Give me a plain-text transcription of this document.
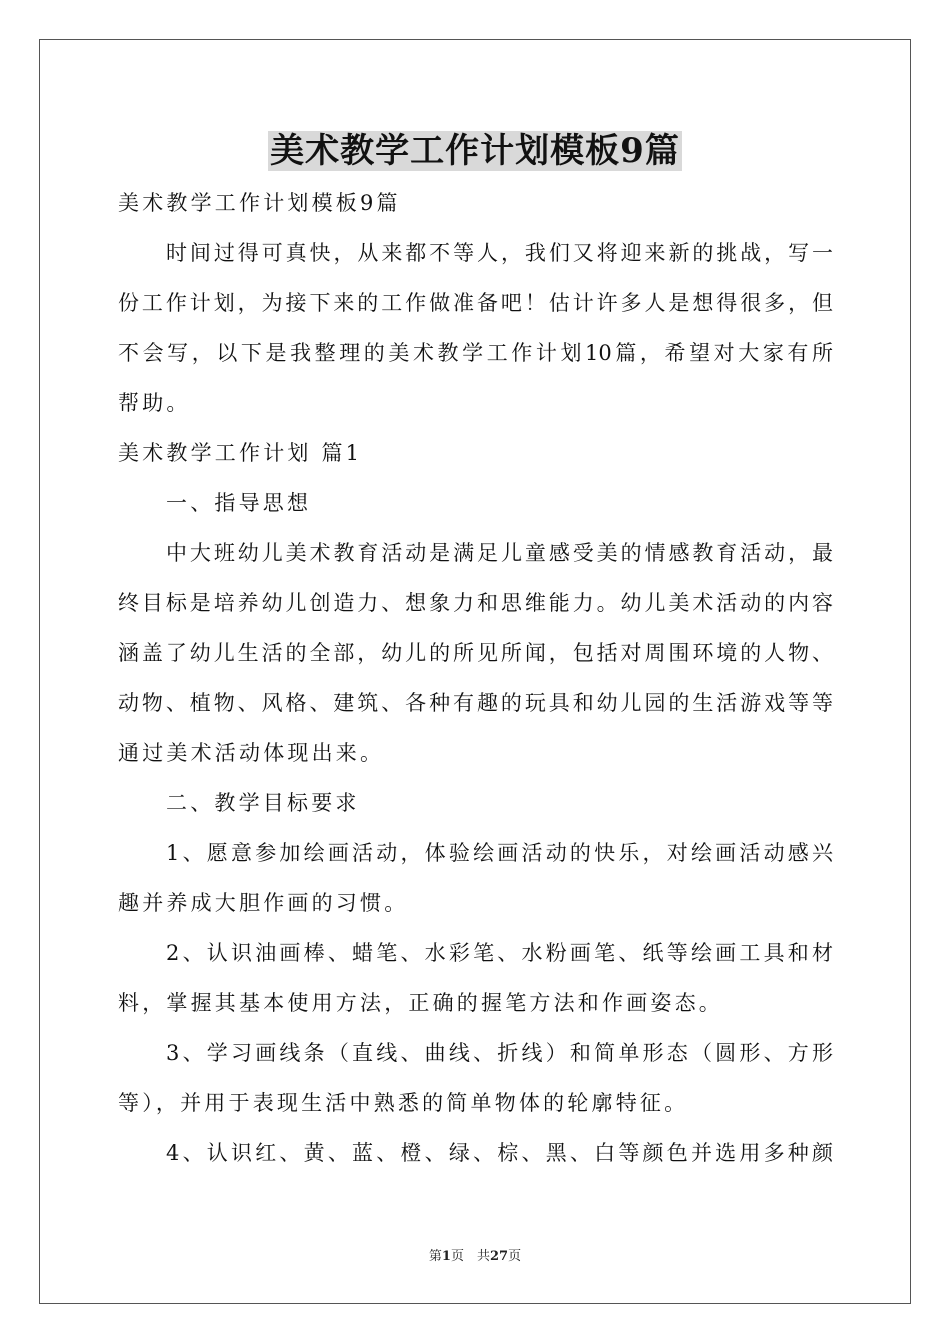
美术教学工作计划模板9篇
美术教学工作计划模板9篇
时间过得可真快，从来都不等人，我们又将迎来新的挑战，写一
份工作计划，为接下来的工作做准备吧！估计许多人是想得很多，但
不会写，以下是我整理的美术教学工作计划10篇，希望对大家有所
帮助。
美术教学工作计划 篇1
一、指导思想
中大班幼儿美术教育活动是满足儿童感受美的情感教育活动，最
终目标是培养幼儿创造力、想象力和思维能力。幼儿美术活动的内容
涵盖了幼儿生活的全部，幼儿的所见所闻，包括对周围环境的人物、
动物、植物、风格、建筑、各种有趣的玩具和幼儿园的生活游戏等等
通过美术活动体现出来。
二、教学目标要求
1、愿意参加绘画活动，体验绘画活动的快乐，对绘画活动感兴
趣并养成大胆作画的习惯。
2、认识油画棒、蜡笔、水彩笔、水粉画笔、纸等绘画工具和材
料，掌握其基本使用方法，正确的握笔方法和作画姿态。
3、学习画线条（直线、曲线、折线）和简单形态（圆形、方形
等），并用于表现生活中熟悉的简单物体的轮廓特征。
4、认识红、黄、蓝、橙、绿、棕、黑、白等颜色并选用多种颜
第1页　共27页
